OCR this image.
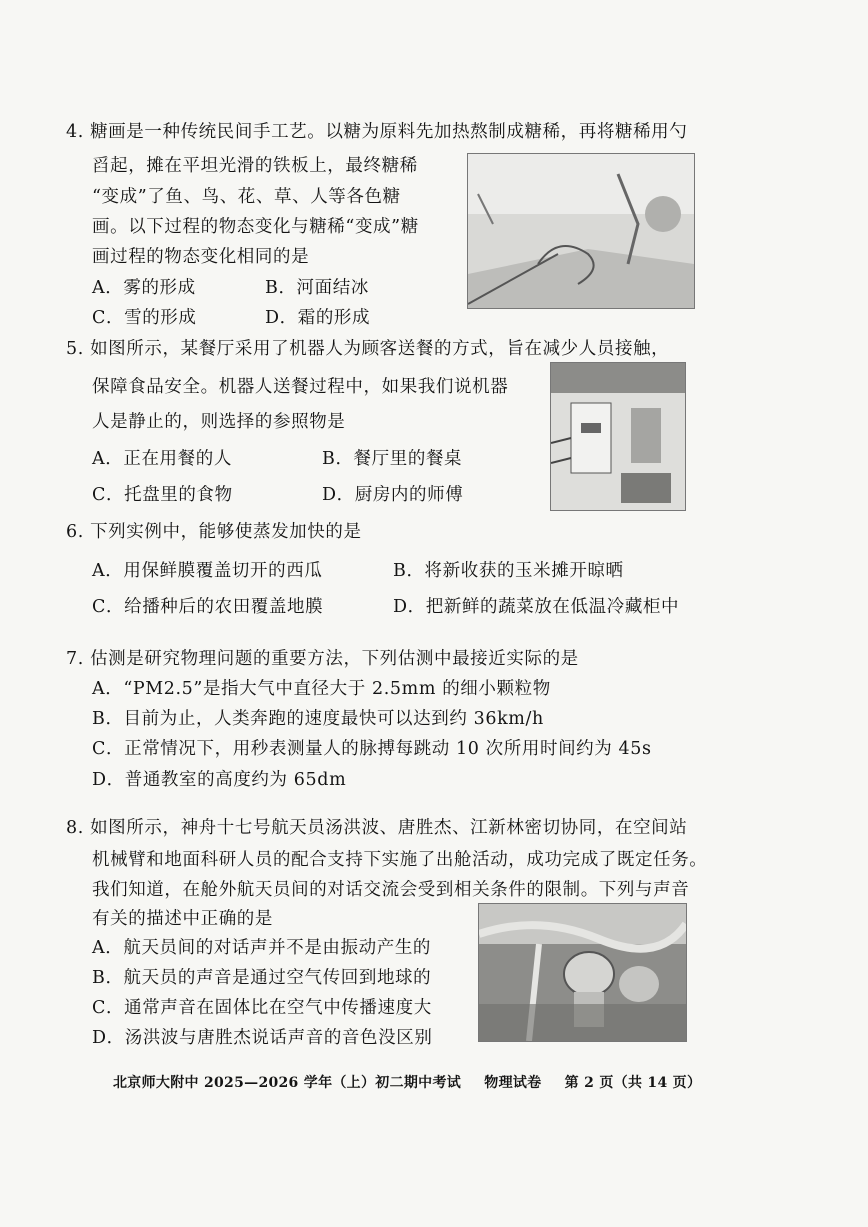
4. 糖画是一种传统民间手工艺。以糖为原料先加热熬制成糖稀，再将糖稀用勺
舀起，摊在平坦光滑的铁板上，最终糖稀
“变成”了鱼、鸟、花、草、人等各色糖
画。以下过程的物态变化与糖稀“变成”糖
画过程的物态变化相同的是
A．雾的形成	B．河面结冰
C．雪的形成	D．霜的形成
5. 如图所示，某餐厅采用了机器人为顾客送餐的方式，旨在减少人员接触，
保障食品安全。机器人送餐过程中，如果我们说机器
人是静止的，则选择的参照物是
A．正在用餐的人	B．餐厅里的餐桌
C．托盘里的食物	D．厨房内的师傅
6. 下列实例中，能够使蒸发加快的是
A．用保鲜膜覆盖切开的西瓜	B．将新收获的玉米摊开晾晒
C．给播种后的农田覆盖地膜	D．把新鲜的蔬菜放在低温冷藏柜中
7. 估测是研究物理问题的重要方法，下列估测中最接近实际的是
A．“PM2.5”是指大气中直径大于 2.5mm 的细小颗粒物
B．目前为止，人类奔跑的速度最快可以达到约 36km/h
C．正常情况下，用秒表测量人的脉搏每跳动 10 次所用时间约为 45s
D．普通教室的高度约为 65dm
8. 如图所示，神舟十七号航天员汤洪波、唐胜杰、江新林密切协同，在空间站
机械臂和地面科研人员的配合支持下实施了出舱活动，成功完成了既定任务。
我们知道，在舱外航天员间的对话交流会受到相关条件的限制。下列与声音
有关的描述中正确的是
A．航天员间的对话声并不是由振动产生的
B．航天员的声音是通过空气传回到地球的
C．通常声音在固体比在空气中传播速度大
D．汤洪波与唐胜杰说话声音的音色没区别
北京师大附中 2025—2026 学年（上）初二期中考试 物理试卷 第 2 页（共 14 页）
